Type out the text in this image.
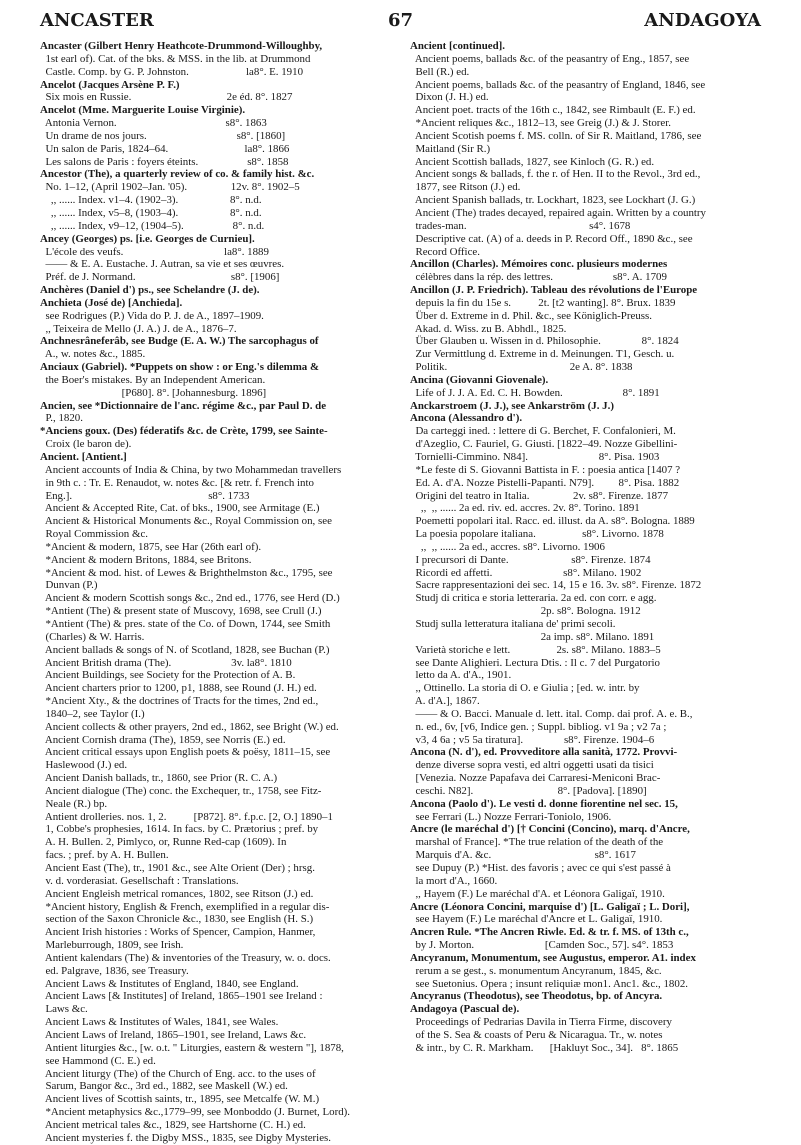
ANCASTER	67	ANDAGOYA
Ancaster (Gilbert Henry Heathcote-Drummond-Willoughby,
1st earl of). Cat. of the bks. & MSS. in the lib. at Drummond
Castle. Comp. by G. P. Johnston.                     la8°. E. 1910
Ancelot (Jacques Arsène P. F.)
Six mois en Russie.                                   2e éd. 8°. 1827
Ancelot (Mme. Marguerite Louise Virginie).
Antonia Vernon.                                        s8°. 1863
Un drame de nos jours.                                 s8°. [1860]
Un salon de Paris, 1824–64.                            la8°. 1866
Les salons de Paris : foyers éteints.                  s8°. 1858
Ancestor (The), a quarterly review of co. & family hist. &c.
No. 1–12, (April 1902–Jan. '05).                12v. 8°. 1902–5
,, ...... Index. v1–4. (1902–3).                   8°. n.d.
,, ...... Index, v5–8, (1903–4).                   8°. n.d.
,, ...... Index, v9–12, (1904–5).                  8°. n.d.
Ancey (Georges) ps. [i.e. Georges de Curnieu].
L'école des veufs.                                     la8°. 1889
—— & E. A. Eustache. J. Autran, sa vie et ses œuvres.
Préf. de J. Normand.                                   s8°. [1906]
Anchères (Daniel d') ps., see Schelandre (J. de).
Anchieta (José de) [Anchieda].
see Rodrigues (P.) Vida do P. J. de A., 1897–1909.
,, Teixeira de Mello (J. A.) J. de A., 1876–7.
Anchnesrâneferâb, see Budge (E. A. W.) The sarcophagus of
A., w. notes &c., 1885.
Anciaux (Gabriel). *Puppets on show : or Eng.'s dilemma &
the Boer's mistakes. By an Independent American.
[P680]. 8°. [Johannesburg. 1896]
Ancien, see *Dictionnaire de l'anc. régime &c., par Paul D. de
P., 1820.
*Anciens goux. (Des) féderatifs &c. de Crète, 1799, see Sainte-
Croix (le baron de).
Ancient. [Antient.]
Ancient accounts of India & China, by two Mohammedan travellers
in 9th c. : Tr. E. Renaudot, w. notes &c. [& retr. f. French into
Eng.].                                                  s8°. 1733
Ancient & Accepted Rite, Cat. of bks., 1900, see Armitage (E.)
Ancient & Historical Monuments &c., Royal Commission on, see
Royal Commission &c.
*Ancient & modern, 1875, see Har (26th earl of).
*Ancient & modern Britons, 1884, see Britons.
*Ancient & mod. hist. of Lewes & Brighthelmston &c., 1795, see
Dunvan (P.)
Ancient & modern Scottish songs &c., 2nd ed., 1776, see Herd (D.)
*Antient (The) & present state of Muscovy, 1698, see Crull (J.)
*Antient (The) & pres. state of the Co. of Down, 1744, see Smith
(Charles) & W. Harris.
Ancient ballads & songs of N. of Scotland, 1828, see Buchan (P.)
Ancient British drama (The).                      3v. la8°. 1810
Ancient Buildings, see Society for the Protection of A. B.
Ancient charters prior to 1200, p1, 1888, see Round (J. H.) ed.
*Ancient Xty., & the doctrines of Tracts for the times, 2nd ed.,
1840–2, see Taylor (I.)
Ancient collects & other prayers, 2nd ed., 1862, see Bright (W.) ed.
Ancient Cornish drama (The), 1859, see Norris (E.) ed.
Ancient critical essays upon English poets & poësy, 1811–15, see
Haslewood (J.) ed.
Ancient Danish ballads, tr., 1860, see Prior (R. C. A.)
Ancient dialogue (The) conc. the Exchequer, tr., 1758, see Fitz-
Neale (R.) bp.
Antient drolleries. nos. 1, 2.          [P872]. 8°. f.p.c. [2, O.] 1890–1
1, Cobbe's prophesies, 1614. In facs. by C. Prætorius ; pref. by
A. H. Bullen. 2, Pimlyco, or, Runne Red-cap (1609). In
facs. ; pref. by A. H. Bullen.
Ancient East (The), tr., 1901 &c., see Alte Orient (Der) ; hrsg.
v. d. vorderasiat. Gesellschaft : Translations.
Ancient Engleish metrical romances, 1802, see Ritson (J.) ed.
*Ancient history, English & French, exemplified in a regular dis-
section of the Saxon Chronicle &c., 1830, see English (H. S.)
Ancient Irish histories : Works of Spencer, Campion, Hanmer,
Marleburrough, 1809, see Irish.
Antient kalendars (The) & inventories of the Treasury, w. o. docs.
ed. Palgrave, 1836, see Treasury.
Ancient Laws & Institutes of England, 1840, see England.
Ancient Laws [& Institutes] of Ireland, 1865–1901 see Ireland :
Laws &c.
Ancient Laws & Institutes of Wales, 1841, see Wales.
Ancient Laws of Ireland, 1865–1901, see Ireland, Laws &c.
Antient liturgies &c., [w. o.t. " Liturgies, eastern & western "], 1878,
see Hammond (C. E.) ed.
Ancient liturgy (The) of the Church of Eng. acc. to the uses of
Sarum, Bangor &c., 3rd ed., 1882, see Maskell (W.) ed.
Ancient lives of Scottish saints, tr., 1895, see Metcalfe (W. M.)
*Ancient metaphysics &c.,1779–99, see Monboddo (J. Burnet, Lord).
Ancient metrical tales &c., 1829, see Hartshorne (C. H.) ed.
Ancient mysteries f. the Digby MSS., 1835, see Digby Mysteries.
Ancient [continued].
Ancient poems, ballads &c. of the peasantry of Eng., 1857, see
Bell (R.) ed.
Ancient poems, ballads &c. of the peasantry of England, 1846, see
Dixon (J. H.) ed.
Ancient poet. tracts of the 16th c., 1842, see Rimbault (E. F.) ed.
*Ancient reliques &c., 1812–13, see Greig (J.) & J. Storer.
Ancient Scotish poems f. MS. colln. of Sir R. Maitland, 1786, see
Maitland (Sir R.)
Ancient Scottish ballads, 1827, see Kinloch (G. R.) ed.
Ancient songs & ballads, f. the r. of Hen. II to the Revol., 3rd ed.,
1877, see Ritson (J.) ed.
Ancient Spanish ballads, tr. Lockhart, 1823, see Lockhart (J. G.)
Ancient (The) trades decayed, repaired again. Written by a country
trades-man.                                             s4°. 1678
Descriptive cat. (A) of a. deeds in P. Record Off., 1890 &c., see
Record Office.
Ancillon (Charles). Mémoires conc. plusieurs modernes
célèbres dans la rép. des lettres.                      s8°. A. 1709
Ancillon (J. P. Friedrich). Tableau des révolutions de l'Europe
depuis la fin du 15e s.          2t. [t2 wanting]. 8°. Brux. 1839
Über d. Extreme in d. Phil. &c., see Königlich-Preuss.
Akad. d. Wiss. zu B. Abhdl., 1825.
Über Glauben u. Wissen in d. Philosophie.               8°. 1824
Zur Vermittlung d. Extreme in d. Meinungen. T1, Gesch. u.
Politik.                                             2e A. 8°. 1838
Ancina (Giovanni Giovenale).
Life of J. J. A. Ed. C. H. Bowden.                      8°. 1891
Anckarstroem (J. J.), see Ankarström (J. J.)
Ancona (Alessandro d').
Da carteggi ined. : lettere di G. Berchet, F. Confalonieri, M.
d'Azeglio, C. Fauriel, G. Giusti. [1822–49. Nozze Gibellini-
Tornielli-Cimmino. N84].                          8°. Pisa. 1903
*Le feste di S. Giovanni Battista in F. : poesia antica [1407 ?
Ed. A. d'A. Nozze Pistelli-Papanti. N79].         8°. Pisa. 1882
Origini del teatro in Italia.                2v. s8°. Firenze. 1877
,,  ,, ...... 2a ed. riv. ed. accres. 2v. 8°. Torino. 1891
Poemetti popolari ital. Racc. ed. illust. da A. s8°. Bologna. 1889
La poesia popolare italiana.                 s8°. Livorno. 1878
,,  ,, ...... 2a ed., accres. s8°. Livorno. 1906
I precursori di Dante.                       s8°. Firenze. 1874
Ricordi ed affetti.                          s8°. Milano. 1902
Sacre rappresentazioni dei sec. 14, 15 e 16. 3v. s8°. Firenze. 1872
Studj di critica e storia letteraria. 2a ed. con corr. e agg.
2p. s8°. Bologna. 1912
Studj sulla letteratura italiana de' primi secoli.
2a imp. s8°. Milano. 1891
Varietà storiche e lett.                 2s. s8°. Milano. 1883–5
see Dante Alighieri. Lectura Dtis. : Il c. 7 del Purgatorio
letto da A. d'A., 1901.
,, Ottinello. La storia di O. e Giulia ; [ed. w. intr. by
A. d'A.], 1867.
—— & O. Bacci. Manuale d. lett. ital. Comp. dai prof. A. e. B.,
n. ed., 6v, [v6, Indice gen. ; Suppl. bibliog. v1 9a ; v2 7a ;
v3, 4 6a ; v5 5a tiratura].               s8°. Firenze. 1904–6
Ancona (N. d'), ed. Provveditore alla sanità, 1772. Provvi-
denze diverse sopra vesti, ed altri oggetti usati da tisici
[Venezia. Nozze Papafava dei Carraresi-Meniconi Brac-
ceschi. N82].                               8°. [Padova]. [1890]
Ancona (Paolo d'). Le vesti d. donne fiorentine nel sec. 15,
see Ferrari (L.) Nozze Ferrari-Toniolo, 1906.
Ancre (le maréchal d') [† Concini (Concino), marq. d'Ancre,
marshal of France]. *The true relation of the death of the
Marquis d'A. &c.                                      s8°. 1617
see Dupuy (P.) *Hist. des favoris ; avec ce qui s'est passé à
la mort d'A., 1660.
,, Hayem (F.) Le maréchal d'A. et Léonora Galigaï, 1910.
Ancre (Léonora Concini, marquise d') [L. Galigaï ; L. Dori],
see Hayem (F.) Le maréchal d'Ancre et L. Galigaï, 1910.
Ancren Rule. *The Ancren Riwle. Ed. & tr. f. MS. of 13th c.,
by J. Morton.                          [Camden Soc., 57]. s4°. 1853
Ancyranum, Monumentum, see Augustus, emperor. A1. index
rerum a se gest., s. monumentum Ancyranum, 1845, &c.
see Suetonius. Opera ; insunt reliquiæ mon1. Anc1. &c., 1802.
Ancyranus (Theodotus), see Theodotus, bp. of Ancyra.
Andagoya (Pascual de).
Proceedings of Pedrarias Davila in Tierra Firme, discovery
of the S. Sea & coasts of Peru & Nicaragua. Tr., w. notes
& intr., by C. R. Markham.      [Hakluyt Soc., 34].   8°. 1865
